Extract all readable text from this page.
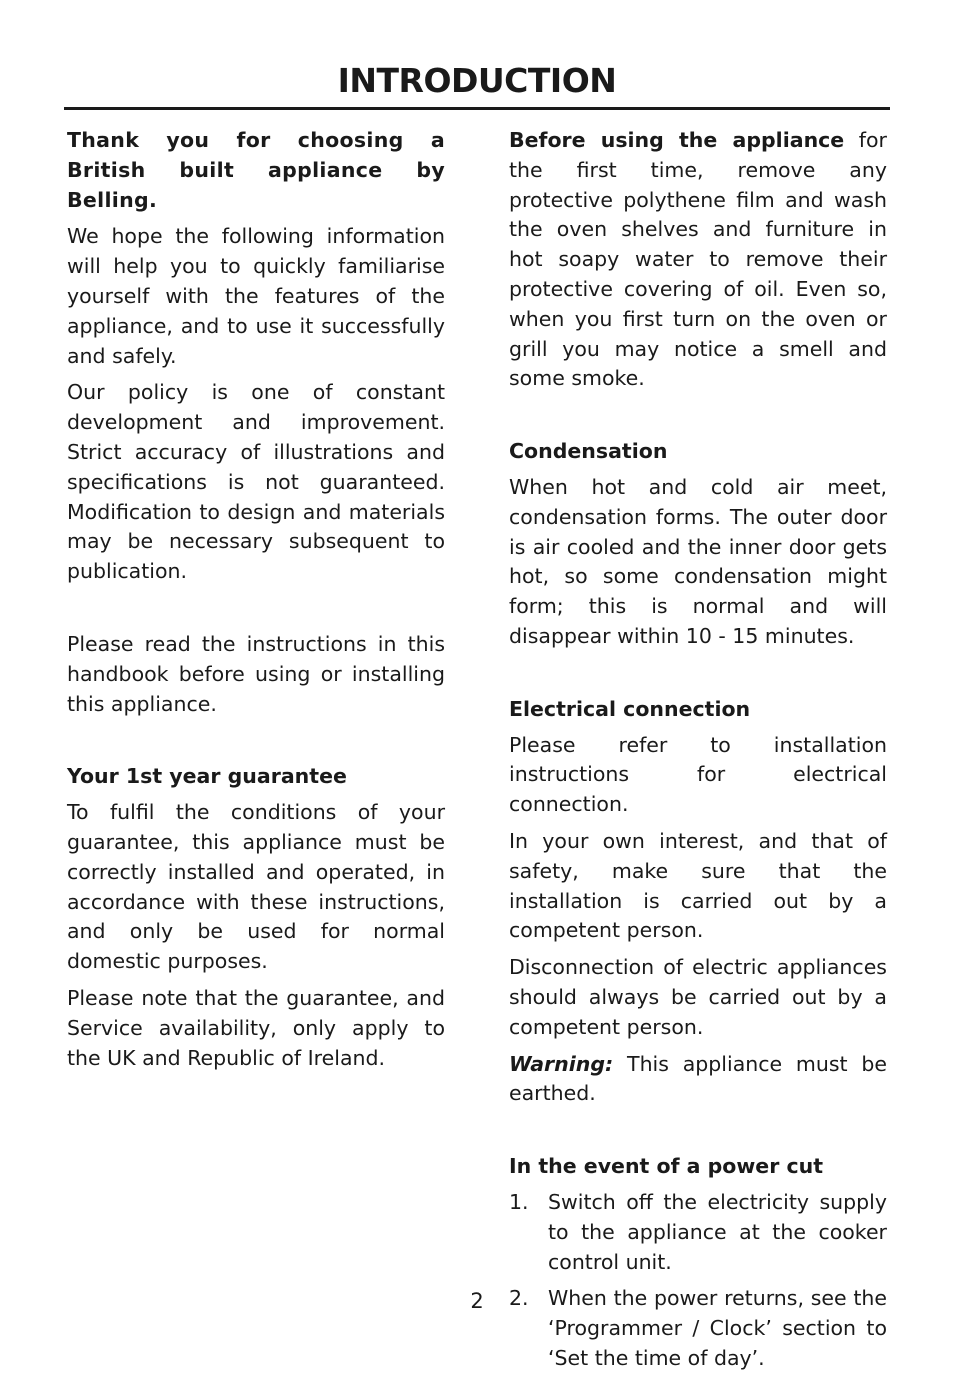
INTRODUCTION

Thank you for choosing a British built appliance by Belling.

We hope the following information will help you to quickly familiarise yourself with the features of the appliance, and to use it successfully and safely.

Our policy is one of constant development and improvement. Strict accuracy of illustrations and specifications is not guaranteed. Modification to design and materials may be necessary subsequent to publication.

Please read the instructions in this handbook before using or installing this appliance.

Your 1st year guarantee

To fulfil the conditions of your guarantee, this appliance must be correctly installed and operated, in accordance with these instructions, and only be used for normal domestic purposes.

Please note that the guarantee, and Service availability, only apply to the UK and Republic of Ireland.

Before using the appliance for the first time, remove any protective polythene film and wash the oven shelves and furniture in hot soapy water to remove their protective covering of oil. Even so, when you first turn on the oven or grill you may notice a smell and some smoke.

Condensation

When hot and cold air meet, condensation forms. The outer door is air cooled and the inner door gets hot, so some condensation might form; this is normal and will disappear within 10 - 15 minutes.

Electrical connection

Please refer to installation instructions for electrical connection.

In your own interest, and that of safety, make sure that the installation is carried out by a competent person.

Disconnection of electric appliances should always be carried out by a competent person.

Warning: This appliance must be earthed.

In the event of a power cut
1. Switch off the electricity supply to the appliance at the cooker control unit.
2. When the power returns, see the ‘Programmer / Clock’ section to ‘Set the time of day’.
2
